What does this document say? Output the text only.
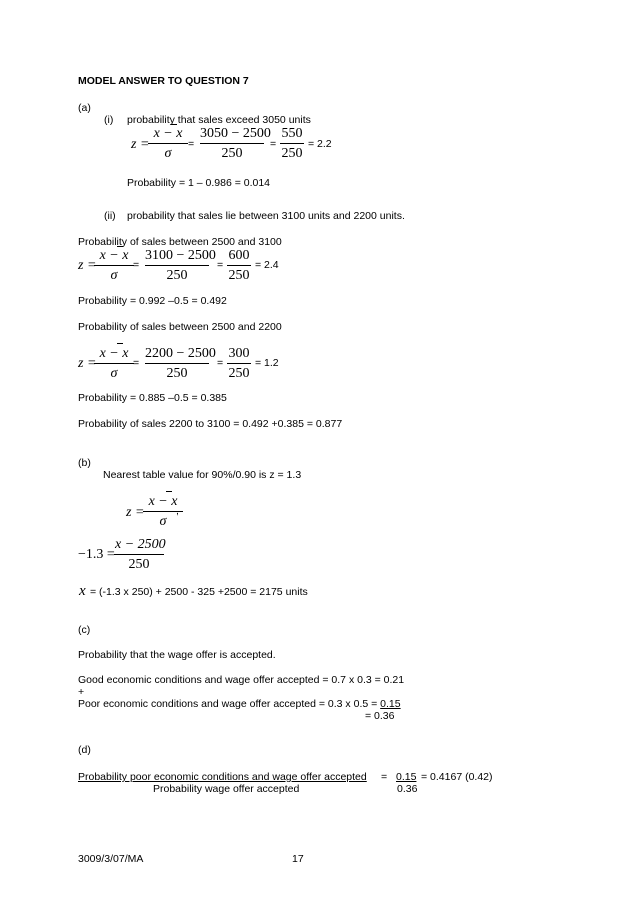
MODEL ANSWER TO QUESTION 7
(a)
(i) probability that sales exceed 3050 units
z =
x − x
σ
=
3050 − 2500
250
=
550
250
= 2.2
Probability = 1 – 0.986 = 0.014
(ii) probability that sales lie between 3100 units and 2200 units.
Probability of sales between 2500 and 3100
z =
x − x
σ
=
3100 − 2500
250
=
600
250
= 2.4
Probability = 0.992 –0.5 = 0.492
Probability of sales between 2500 and 2200
z =
x − x
σ
=
2200 − 2500
250
=
300
250
= 1.2
Probability = 0.885 –0.5 = 0.385
Probability of sales 2200 to 3100 = 0.492 +0.385 = 0.877
(b)
Nearest table value for 90%/0.90 is z = 1.3
z =
x − x
σ
,
−1.3 =
x − 2500
250
x = (-1.3 x 250) + 2500 - 325 +2500 = 2175 units
(c)
Probability that the wage offer is accepted.
Good economic conditions and wage offer accepted = 0.7 x 0.3 = 0.21
+
Poor economic conditions and wage offer accepted = 0.3 x 0.5 = 0.15
= 0.36
(d)
Probability poor economic conditions and wage offer accepted = 0.15 = 0.4167 (0.42)
Probability wage offer accepted	0.36
3009/3/07/MA	17
